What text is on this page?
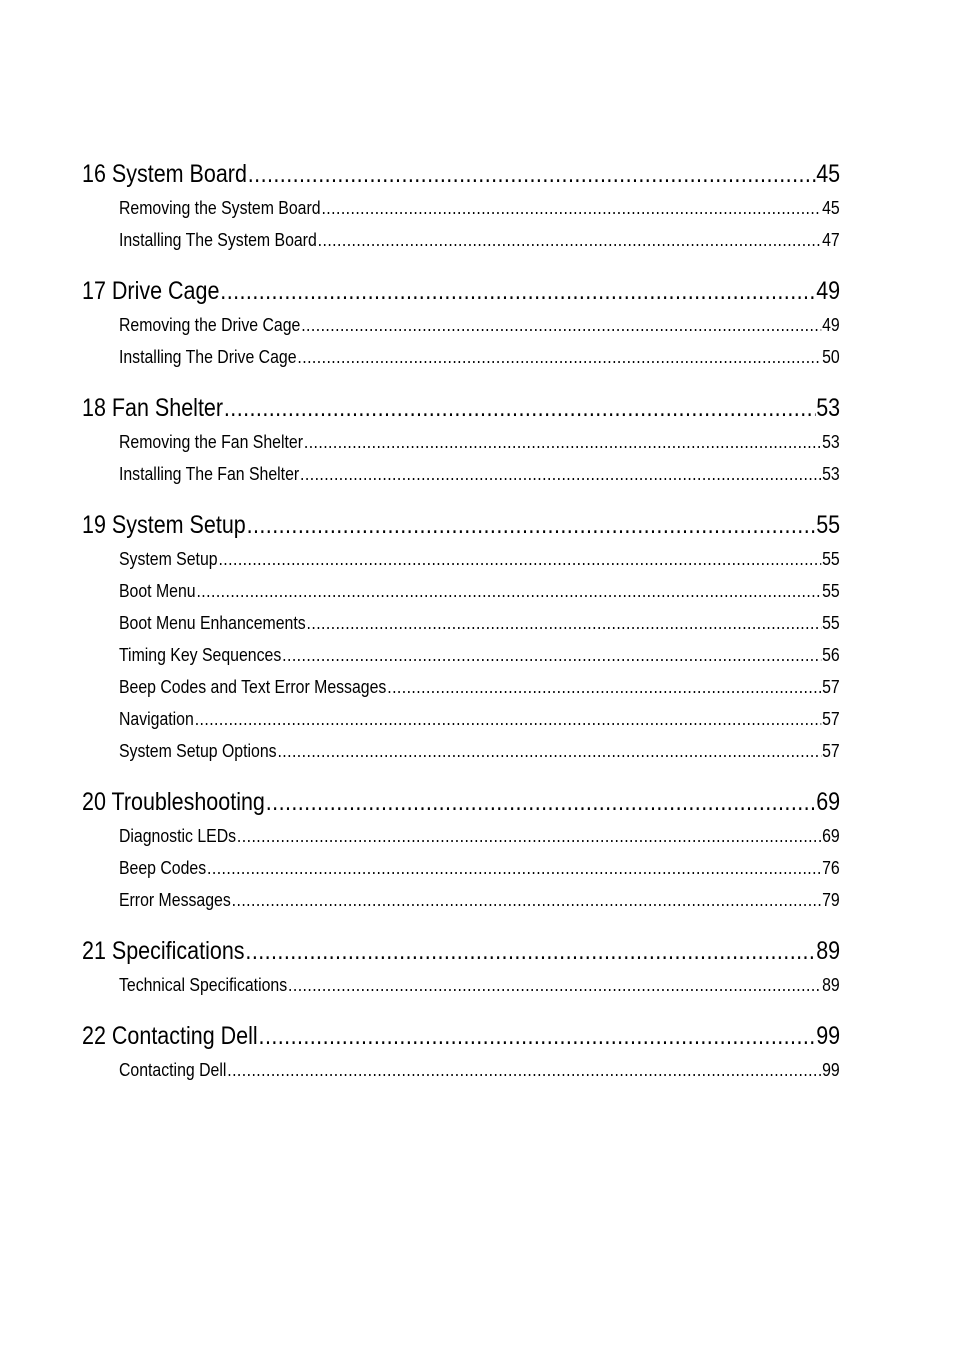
16 System Board .....	45
Removing the System Board .....	45
Installing The System Board .....	47
17 Drive Cage .....	49
Removing the Drive Cage .....	49
Installing The Drive Cage .....	50
18 Fan Shelter .....	53
Removing the Fan Shelter .....	53
Installing The Fan Shelter .....	53
19 System Setup .....	55
System Setup .....	55
Boot Menu .....	55
Boot Menu Enhancements .....	55
Timing Key Sequences .....	56
Beep Codes and Text Error Messages .....	57
Navigation .....	57
System Setup Options .....	57
20 Troubleshooting .....	69
Diagnostic LEDs .....	69
Beep Codes .....	76
Error Messages .....	79
21 Specifications .....	89
Technical Specifications .....	89
22 Contacting Dell .....	99
Contacting Dell .....	99
